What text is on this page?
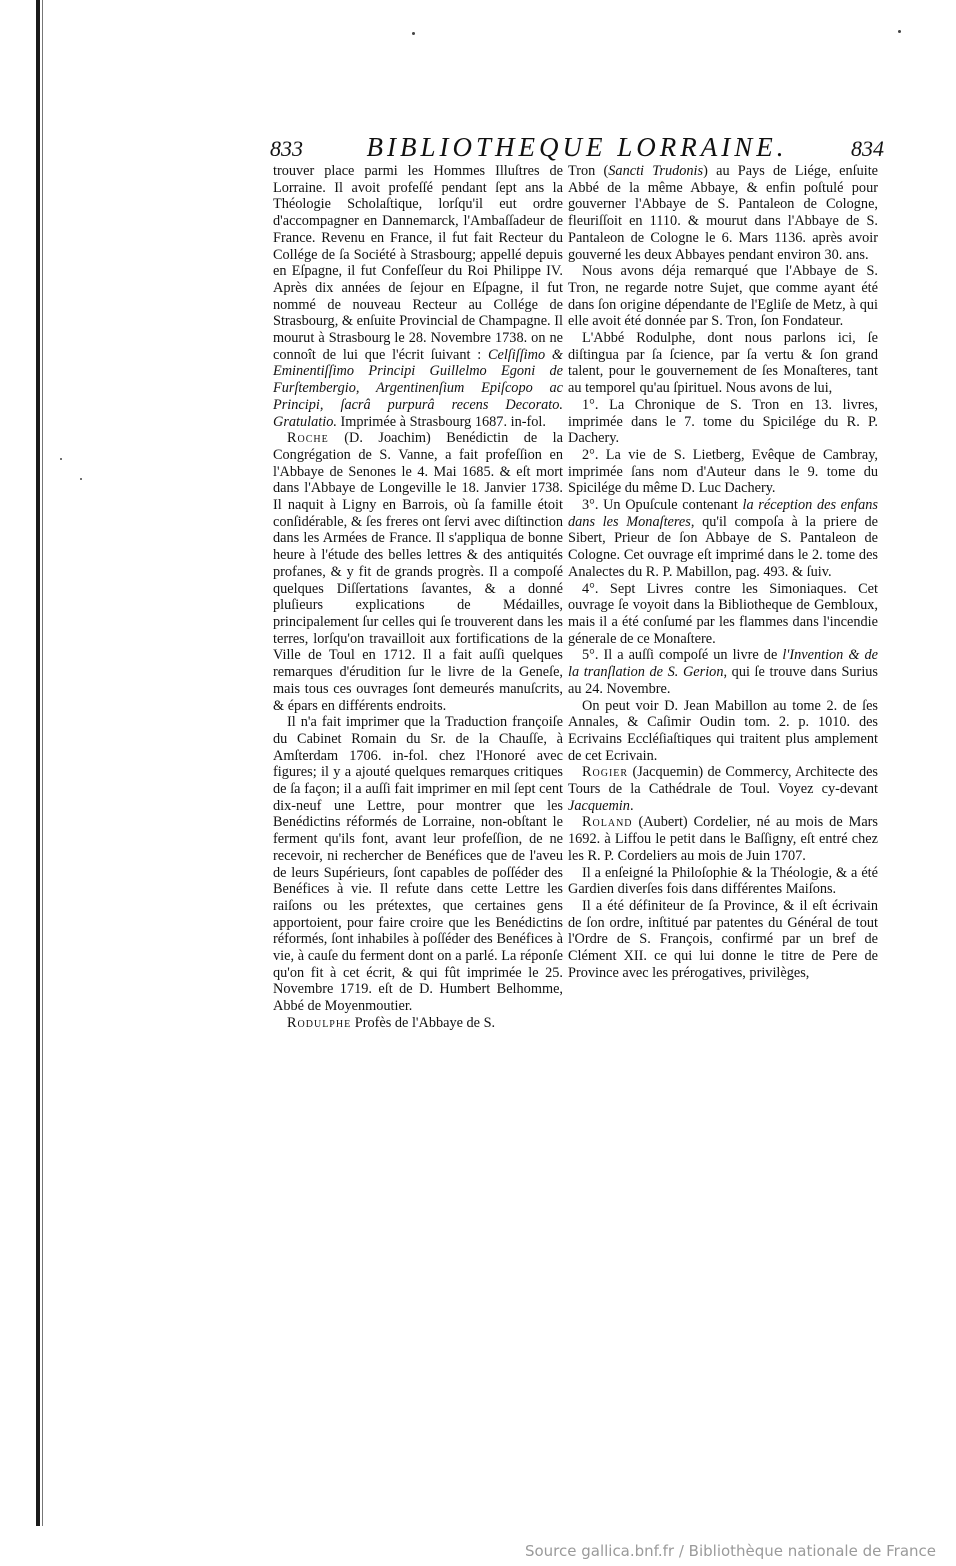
833	BIBLIOTHEQUE LORRAINE.	834

trouver place parmi les Hommes Illuſtres de Lorraine. Il avoit profeſſé pendant ſept ans la Théologie Scholaſtique, lorſqu'il eut ordre d'accompagner en Dannemarck, l'Ambaſſadeur de France. Revenu en France, il fut fait Recteur du Collége de ſa Société à Strasbourg; appellé depuis en Eſpagne, il fut Confeſſeur du Roi Philippe IV. Après dix années de ſejour en Eſpagne, il fut nommé de nouveau Recteur au Collége de Strasbourg, & enſuite Provincial de Champagne. Il mourut à Strasbourg le 28. Novembre 1738. on ne connoît de lui que l'écrit ſuivant : Celſiſſimo & Eminentiſſimo Principi Guillelmo Egoni de Furſtembergio, Argentinenſium Epiſcopo ac Principi, ſacrâ purpurâ recens Decorato. Gratulatio. Imprimée à Strasbourg 1687. in-fol.

Roche (D. Joachim) Benédictin de la Congrégation de S. Vanne, a fait profeſſion en l'Abbaye de Senones le 4. Mai 1685. & eſt mort dans l'Abbaye de Longeville le 18. Janvier 1738. Il naquit à Ligny en Barrois, où ſa famille étoit conſidérable, & ſes freres ont ſervi avec diſtinction dans les Armées de France. Il s'appliqua de bonne heure à l'étude des belles lettres & des antiquités profanes, & y fit de grands progrès. Il a compoſé quelques Diſſertations ſavantes, & a donné pluſieurs explications de Médailles, principalement ſur celles qui ſe trouverent dans les terres, lorſqu'on travailloit aux fortifications de la Ville de Toul en 1712. Il a fait auſſi quelques remarques d'érudition ſur le livre de la Geneſe, mais tous ces ouvrages ſont demeurés manuſcrits, & épars en différents endroits.

Il n'a fait imprimer que la Traduction françoiſe du Cabinet Romain du Sr. de la Chauſſe, à Amſterdam 1706. in-fol. chez l'Honoré avec figures; il y a ajouté quelques remarques critiques de ſa façon; il a auſſi fait imprimer en mil ſept cent dix-neuf une Lettre, pour montrer que les Benédictins réformés de Lorraine, non-obſtant le ferment qu'ils font, avant leur profeſſion, de ne recevoir, ni rechercher de Benéfices que de l'aveu de leurs Supérieurs, ſont capables de poſſéder des Benéfices à vie. Il refute dans cette Lettre les raiſons ou les prétextes, que certaines gens apportoient, pour faire croire que les Benédictins réformés, ſont inhabiles à poſſéder des Benéfices à vie, à cauſe du ferment dont on a parlé. La réponſe qu'on fit à cet écrit, & qui fût imprimée le 25. Novembre 1719. eſt de D. Humbert Belhomme, Abbé de Moyenmoutier.

Rodulphe Profès de l'Abbaye de S.

Tron (Sancti Trudonis) au Pays de Liége, enſuite Abbé de la même Abbaye, & enfin poſtulé pour gouverner l'Abbaye de S. Pantaleon de Cologne, fleuriſſoit en 1110. & mourut dans l'Abbaye de S. Pantaleon de Cologne le 6. Mars 1136. après avoir gouverné les deux Abbayes pendant environ 30. ans.

Nous avons déja remarqué que l'Abbaye de S. Tron, ne regarde notre Sujet, que comme ayant été dans ſon origine dépendante de l'Egliſe de Metz, à qui elle avoit été donnée par S. Tron, ſon Fondateur.

L'Abbé Rodulphe, dont nous parlons ici, ſe diſtingua par ſa ſcience, par ſa vertu & ſon grand talent, pour le gouvernement de ſes Monaſteres, tant au temporel qu'au ſpirituel. Nous avons de lui,

1°. La Chronique de S. Tron en 13. livres, imprimée dans le 7. tome du Spicilége du R. P. Dachery.

2°. La vie de S. Lietberg, Evêque de Cambray, imprimée ſans nom d'Auteur dans le 9. tome du Spicilége du même D. Luc Dachery.

3°. Un Opuſcule contenant la réception des enfans dans les Monaſteres, qu'il compoſa à la priere de Sibert, Prieur de ſon Abbaye de S. Pantaleon de Cologne. Cet ouvrage eſt imprimé dans le 2. tome des Analectes du R. P. Mabillon, pag. 493. & ſuiv.

4°. Sept Livres contre les Simoniaques. Cet ouvrage ſe voyoit dans la Bibliotheque de Gembloux, mais il a été conſumé par les flammes dans l'incendie génerale de ce Monaſtere.

5°. Il a auſſi compoſé un livre de l'Invention & de la tranſlation de S. Gerion, qui ſe trouve dans Surius au 24. Novembre.

On peut voir D. Jean Mabillon au tome 2. de ſes Annales, & Caſimir Oudin tom. 2. p. 1010. des Ecrivains Eccléſiaſtiques qui traitent plus amplement de cet Ecrivain.

Rogier (Jacquemin) de Commercy, Architecte des Tours de la Cathédrale de Toul. Voyez cy-devant Jacquemin.

Roland (Aubert) Cordelier, né au mois de Mars 1692. à Liffou le petit dans le Baſſigny, eſt entré chez les R. P. Cordeliers au mois de Juin 1707.

Il a enſeigné la Philoſophie & la Théologie, & a été Gardien diverſes fois dans différentes Maiſons.

Il a été définiteur de ſa Province, & il eſt écrivain de ſon ordre, inſtitué par patentes du Général de tout l'Ordre de S. François, confirmé par un bref de Clément XII. ce qui lui donne le titre de Pere de Province avec les prérogatives, privilèges,

Source gallica.bnf.fr / Bibliothèque nationale de France
